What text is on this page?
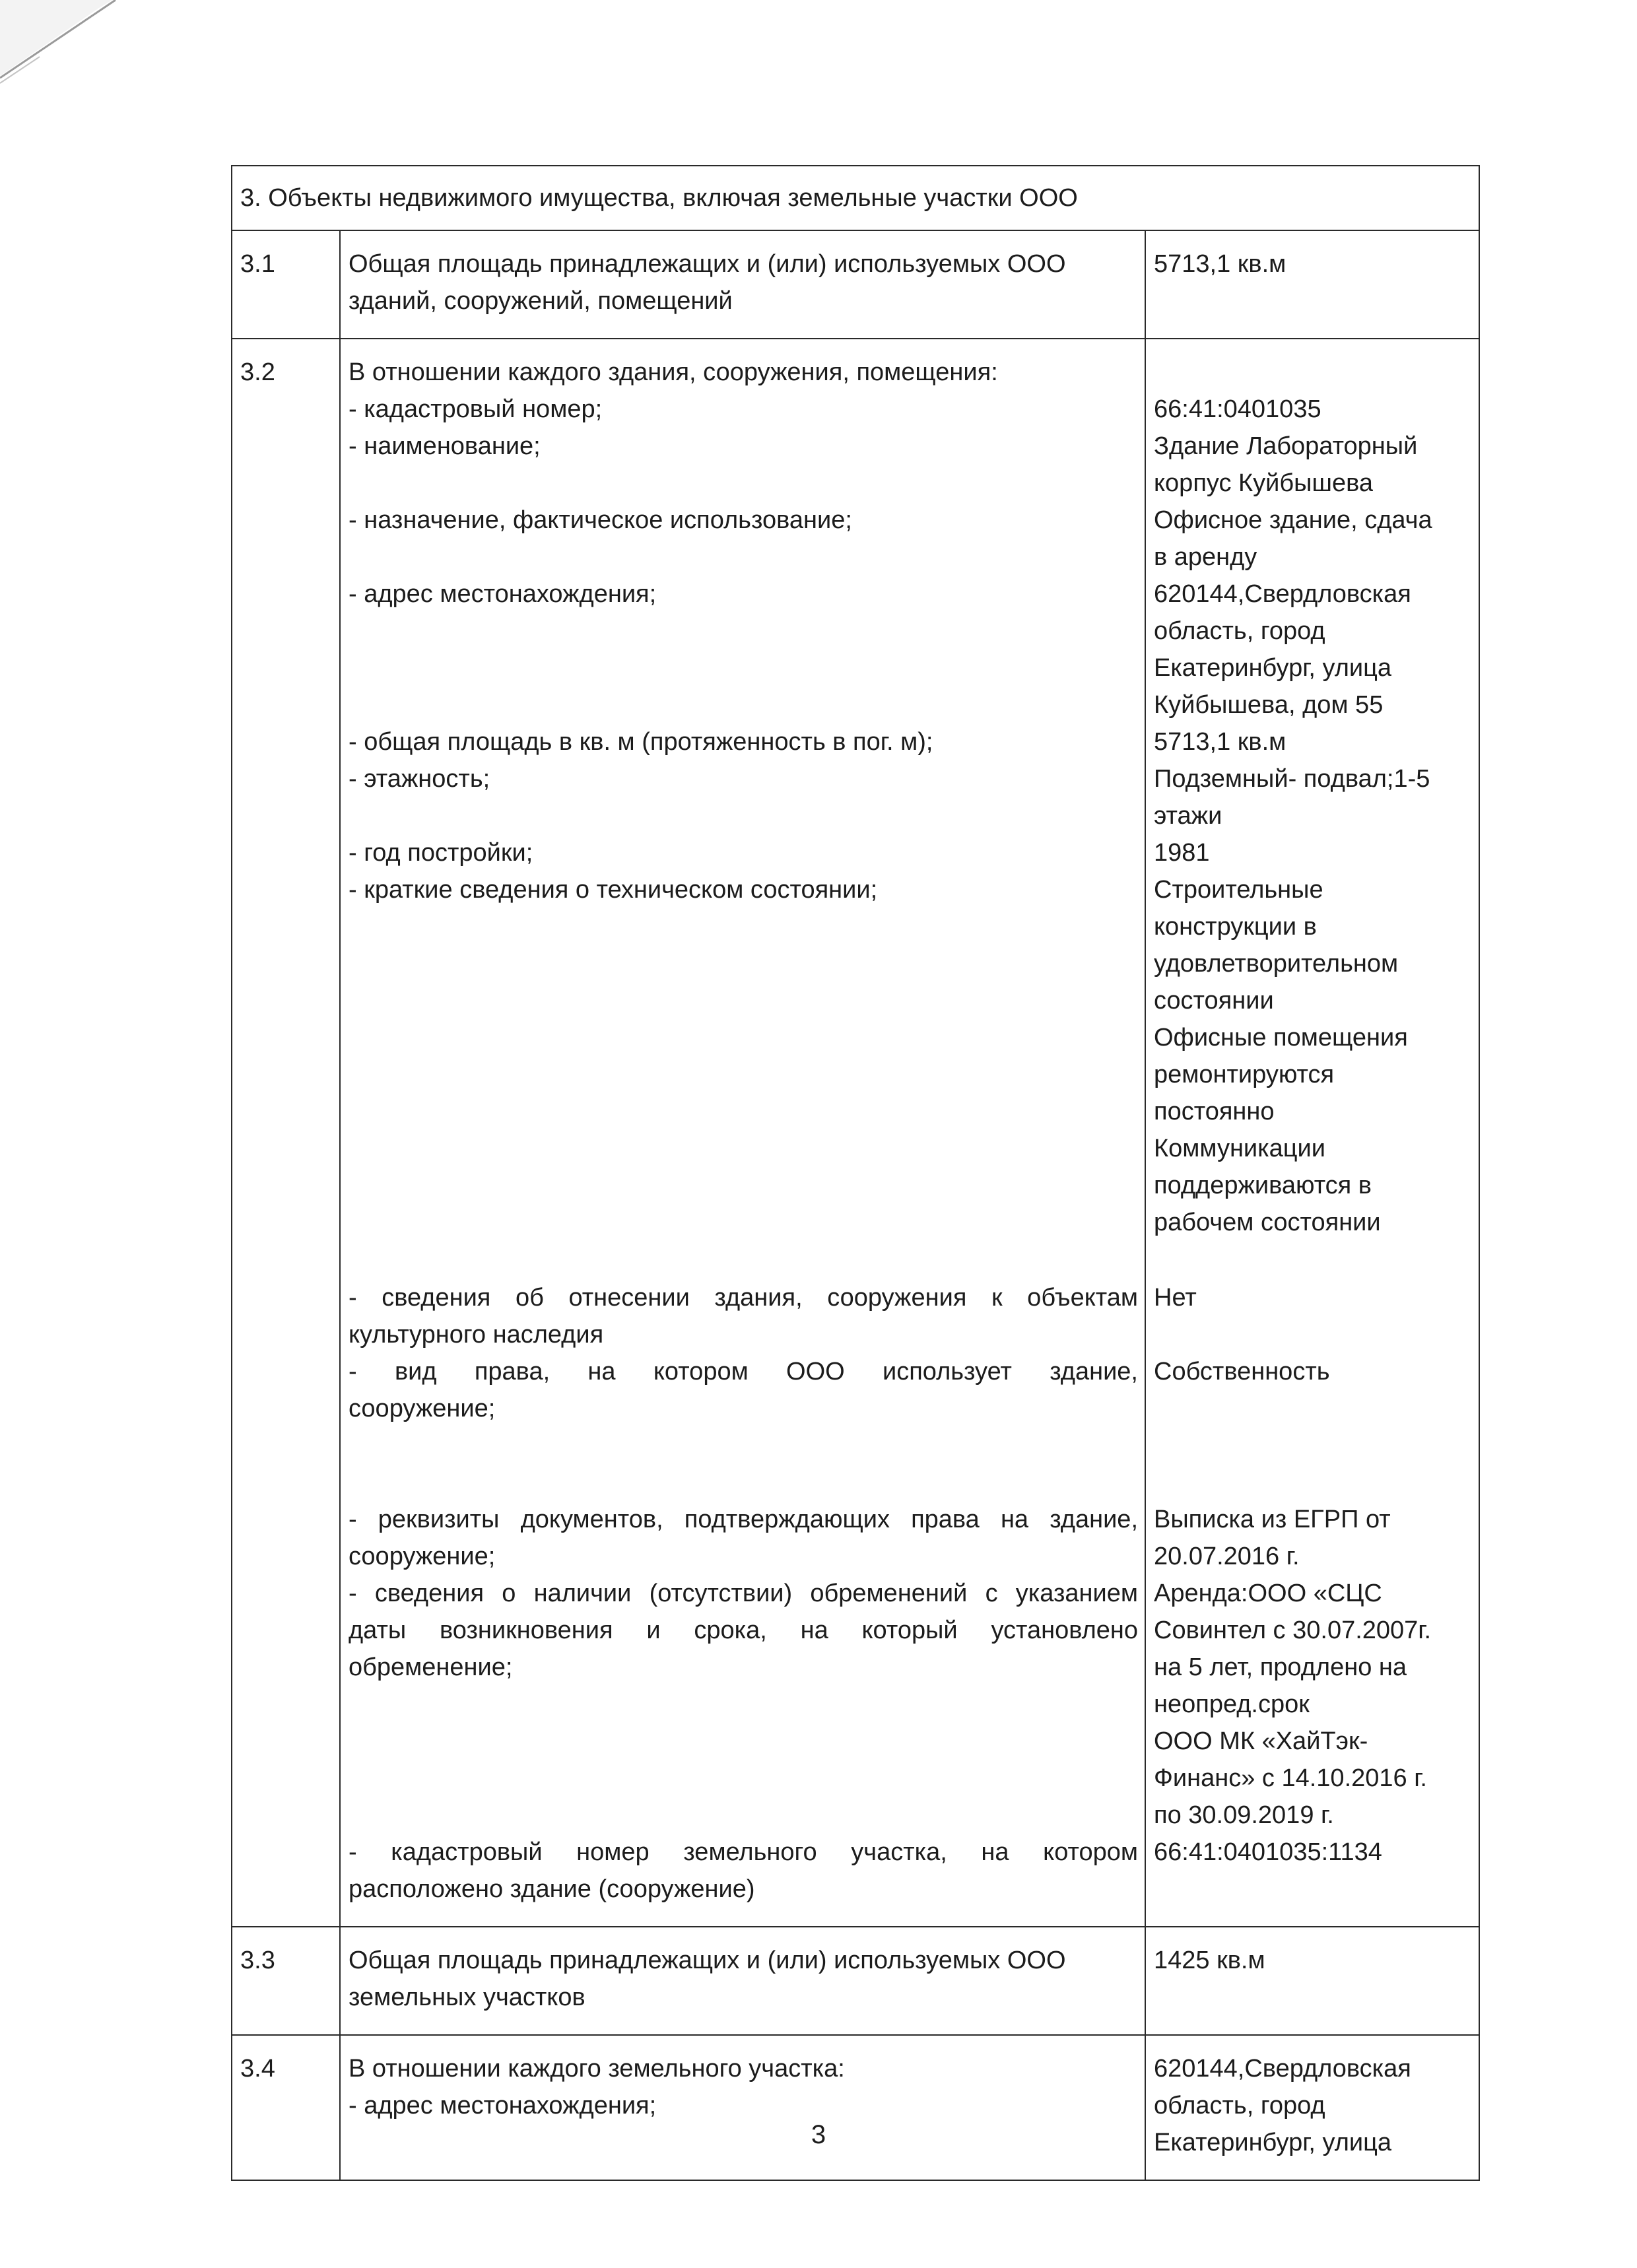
3. Объекты недвижимого имущества, включая земельные участки ООО
3.1	Общая площадь принадлежащих и (или) используемых ООО
зданий, сооружений, помещений
	5713,1 кв.м
3.2	В отношении каждого здания, сооружения, помещения:
- кадастровый номер;
- наименование;
- назначение, фактическое использование;
- адрес местонахождения;
- общая площадь в кв. м (протяженность в пог. м);
- этажность;
- год постройки;
- краткие сведения о техническом состоянии;
- сведения об отнесении здания, сооружения к объектам
культурного наследия
- вид права, на котором ООО использует здание,
сооружение;
- реквизиты документов, подтверждающих права на здание,
сооружение;
- сведения о наличии (отсутствии) обременений с указанием
даты возникновения и срока, на который установлено
обременение;
- кадастровый номер земельного участка, на котором
расположено здание (сооружение)

66:41:0401035
Здание Лабораторный
корпус Куйбышева
Офисное здание, сдача
в аренду
620144,Свердловская
область, город
Екатеринбург, улица
Куйбышева, дом 55
5713,1 кв.м
Подземный- подвал;1-5
этажи
1981
Строительные
конструкции в
удовлетворительном
состоянии
Офисные помещения
ремонтируются
постоянно
Коммуникации
поддерживаются в
рабочем состоянии
Нет
Собственность
Выписка из ЕГРП от
20.07.2016 г.
Аренда:ООО «СЦС
Совинтел с 30.07.2007г.
на 5 лет, продлено на
неопред.срок
ООО МК «ХайТэк-
Финанс» с 14.10.2016 г.
по 30.09.2019 г.
66:41:0401035:1134

3.3	Общая площадь принадлежащих и (или) используемых ООО
земельных участков
	1425 кв.м
3.4	В отношении каждого земельного участка:
- адрес местонахождения;

620144,Свердловская
область, город
Екатеринбург, улица
3
